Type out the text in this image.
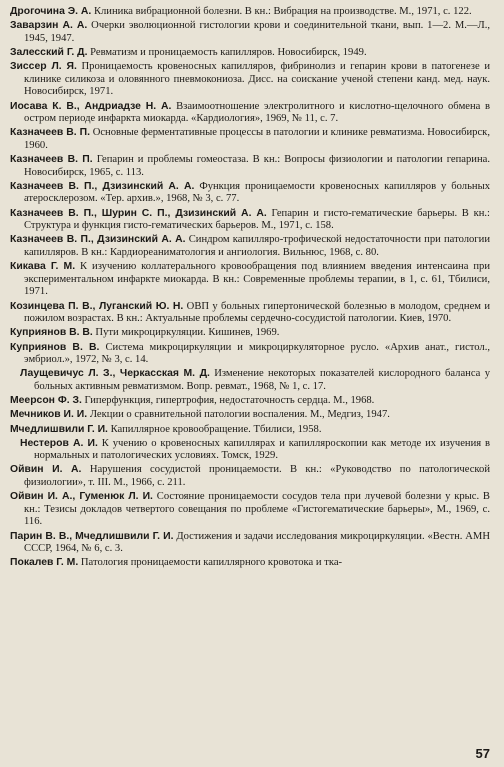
Дрогочина Э. А. Клиника вибрационной болезни. В кн.: Вибрация на производстве. М., 1971, с. 122.

Заварзин А. А. Очерки эволюционной гистологии крови и соединительной ткани, вып. 1—2. М.—Л., 1945, 1947.

Залесский Г. Д. Ревматизм и проницаемость капилляров. Новосибирск, 1949.

Зиссер Л. Я. Проницаемость кровеносных капилляров, фибринолиз и гепарин крови в патогенезе и клинике силикоза и оловянного пневмокониоза. Дисс. на соискание ученой степени канд. мед. наук. Новосибирск, 1971.

Иосава К. В., Андриадзе Н. А. Взаимоотношение электролитного и кислотно-щелочного обмена в остром периоде инфаркта миокарда. «Кардиология», 1969, № 11, с. 7.

Казначеев В. П. Основные ферментативные процессы в патологии и клинике ревматизма. Новосибирск, 1960.

Казначеев В. П. Гепарин и проблемы гомеостаза. В кн.: Вопросы физиологии и патологии гепарина. Новосибирск, 1965, с. 113.

Казначеев В. П., Дзизинский А. А. Функция проницаемости кровеносных капилляров у больных атеросклерозом. «Тер. архив.», 1968, № 3, с. 77.

Казначеев В. П., Шурин С. П., Дзизинский А. А. Гепарин и гисто-гематические барьеры. В кн.: Структура и функция гисто-гематических барьеров. М., 1971, с. 158.

Казначеев В. П., Дзизинский А. А. Синдром капилляро-трофической недостаточности при патологии капилляров. В кн.: Кардиореаниматология и ангиология. Вильнюс, 1968, с. 80.

Кикава Г. М. К изучению коллатерального кровообращения под влиянием введения интенсаина при экспериментальном инфаркте миокарда. В кн.: Современные проблемы терапии, в 1, с. 61, Тбилиси, 1971.

Козинцева П. В., Луганский Ю. Н. ОВП у больных гипертонической болезнью в молодом, среднем и пожилом возрастах. В кн.: Актуальные проблемы сердечно-сосудистой патологии. Киев, 1970.

Куприянов В. В. Пути микроциркуляции. Кишинев, 1969.

Куприянов В. В. Система микроциркуляции и микроциркуляторное русло. «Архив анат., гистол., эмбриол.», 1972, № 3, с. 14.

Лаущевичус Л. З., Черкасская М. Д. Изменение некоторых показателей кислородного баланса у больных активным ревматизмом. Вопр. ревмат., 1968, № 1, с. 17.

Меерсон Ф. З. Гиперфункция, гипертрофия, недостаточность сердца. М., 1968.

Мечников И. И. Лекции о сравнительной патологии воспаления. М., Медгиз, 1947.

Мчедлишвили Г. И. Капиллярное кровообращение. Тбилиси, 1958.

Нестеров А. И. К учению о кровеносных капиллярах и капилляроскопии как методе их изучения в нормальных и патологических условиях. Томск, 1929.

Ойвин И. А. Нарушения сосудистой проницаемости. В кн.: «Руководство по патологической физиологии», т. III. М., 1966, с. 211.

Ойвин И. А., Гуменюк Л. И. Состояние проницаемости сосудов тела при лучевой болезни у крыс. В кн.: Тезисы докладов четвертого совещания по проблеме «Гистогематические барьеры», М., 1969, с. 116.

Парин В. В., Мчедлишвили Г. И. Достижения и задачи исследования микроциркуляции. «Вестн. АМН СССР, 1964, № 6, с. 3.

Покалев Г. М. Патология проницаемости капиллярного кровотока и тка-

57
